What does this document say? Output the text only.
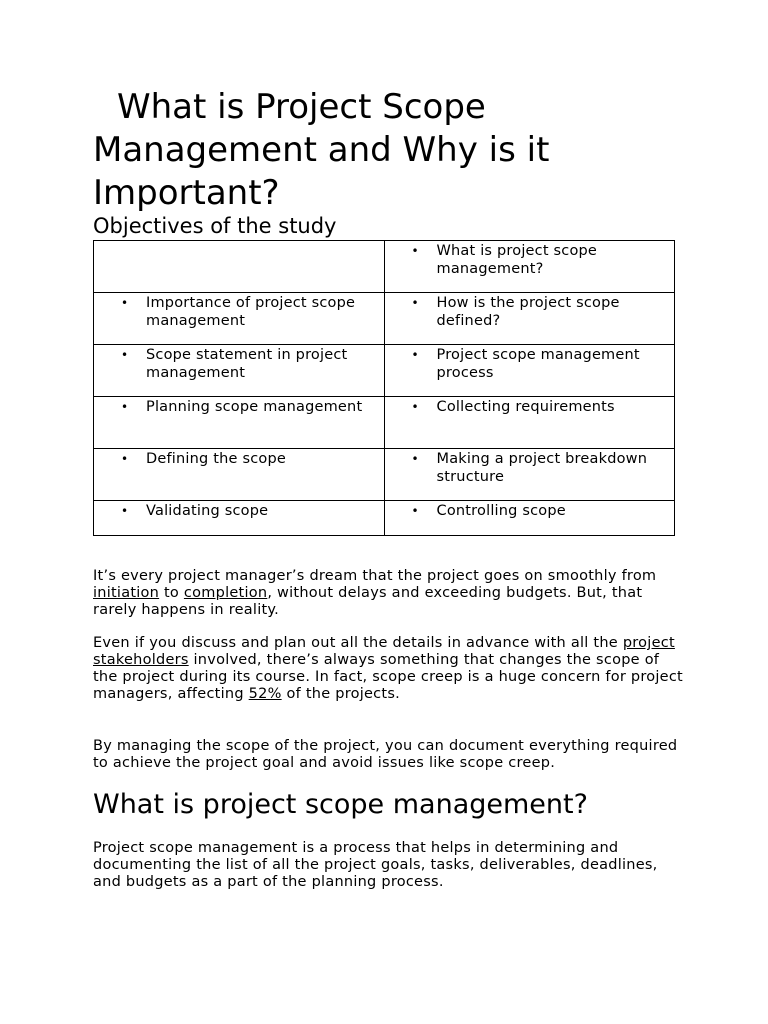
What is Project Scope Management and Why is it Important?
Objectives of the study

	• What is project scope management?

• Importance of project scope management	• How is the project scope defined?

• Scope statement in project management	• Project scope management process

• Planning scope management	• Collecting requirements

• Defining the scope	• Making a project breakdown structure

• Validating scope	• Controlling scope

It’s every project manager’s dream that the project goes on smoothly from initiation to completion, without delays and exceeding budgets. But, that rarely happens in reality.

Even if you discuss and plan out all the details in advance with all the project stakeholders involved, there’s always something that changes the scope of the project during its course. In fact, scope creep is a huge concern for project managers, affecting 52% of the projects.

By managing the scope of the project, you can document everything required to achieve the project goal and avoid issues like scope creep.

What is project scope management?

Project scope management is a process that helps in determining and documenting the list of all the project goals, tasks, deliverables, deadlines, and budgets as a part of the planning process.
